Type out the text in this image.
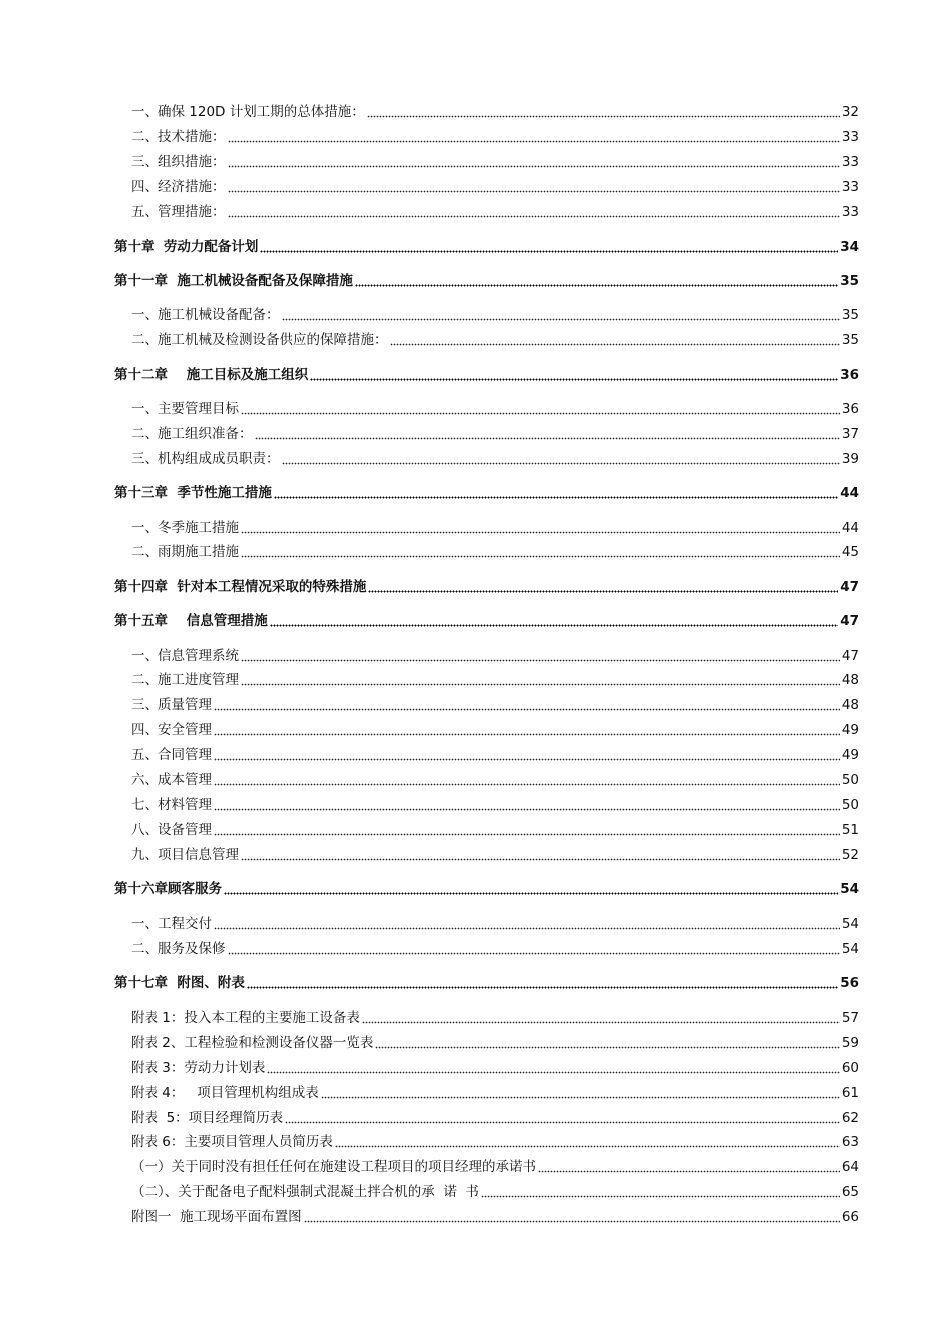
一、确保 120D 计划工期的总体措施：	32
二、技术措施：	33
三、组织措施：	33
四、经济措施：	33
五、管理措施：	33
第十章  劳动力配备计划	34
第十一章  施工机械设备配备及保障措施	35
一、施工机械设备配备：	35
二、施工机械及检测设备供应的保障措施：	35
第十二章    施工目标及施工组织	36
一、主要管理目标	36
二、施工组织准备：	37
三、机构组成成员职责：	39
第十三章  季节性施工措施	44
一、冬季施工措施	44
二、雨期施工措施	45
第十四章  针对本工程情况采取的特殊措施	47
第十五章    信息管理措施	47
一、信息管理系统	47
二、施工进度管理	48
三、质量管理	48
四、安全管理	49
五、合同管理	49
六、成本管理	50
七、材料管理	50
八、设备管理	51
九、项目信息管理	52
第十六章顾客服务	54
一、工程交付	54
二、服务及保修	54
第十七章  附图、附表	56
附表 1：投入本工程的主要施工设备表	57
附表 2、工程检验和检测设备仪器一览表	59
附表 3：劳动力计划表	60
附表 4：   项目管理机构组成表	61
附表  5：项目经理简历表	62
附表 6：主要项目管理人员简历表	63
（一）关于同时没有担任任何在施建设工程项目的项目经理的承诺书	64
（二）、关于配备电子配料强制式混凝土拌合机的承  诺  书	65
附图一  施工现场平面布置图	66
